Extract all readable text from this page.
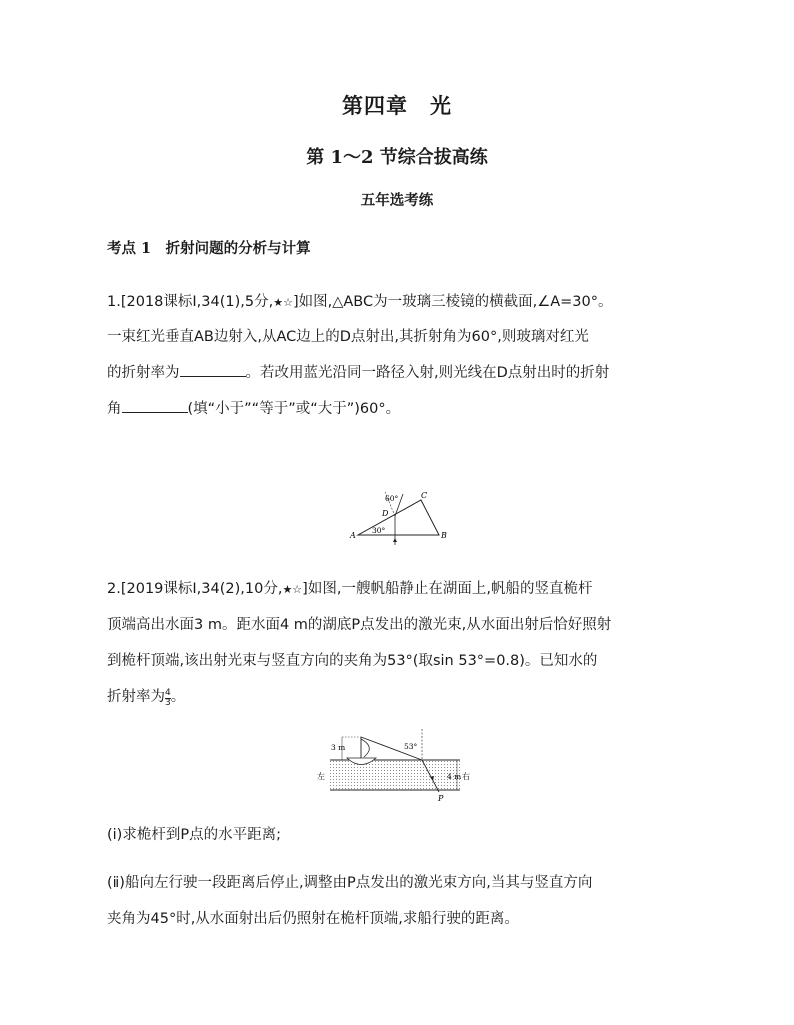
第四章　光
第 1～2 节综合拔高练
五年选考练
考点 1　折射问题的分析与计算
1.[2018课标Ⅰ,34(1),5分,★☆]如图,△ABC为一玻璃三棱镜的横截面,∠A=30°。
一束红光垂直AB边射入,从AC边上的D点射出,其折射角为60°,则玻璃对红光
的折射率为	。若改用蓝光沿同一路径入射,则光线在D点射出时的折射
角	(填“小于”“等于”或“大于”)60°。
A	B
C
D
60°
30°
2.[2019课标Ⅰ,34(2),10分,★☆]如图,一艘帆船静止在湖面上,帆船的竖直桅杆
顶端高出水面3 m。距水面4 m的湖底P点发出的激光束,从水面出射后恰好照射
到桅杆顶端,该出射光束与竖直方向的夹角为53°(取sin 53°=0.8)。已知水的
折射率为 $\frac{4}{3}$ 。
3 m	53°
4 m 右
左
P
(ⅰ)求桅杆到P点的水平距离;
(ⅱ)船向左行驶一段距离后停止,调整由P点发出的激光束方向,当其与竖直方向
夹角为45°时,从水面射出后仍照射在桅杆顶端,求船行驶的距离。
